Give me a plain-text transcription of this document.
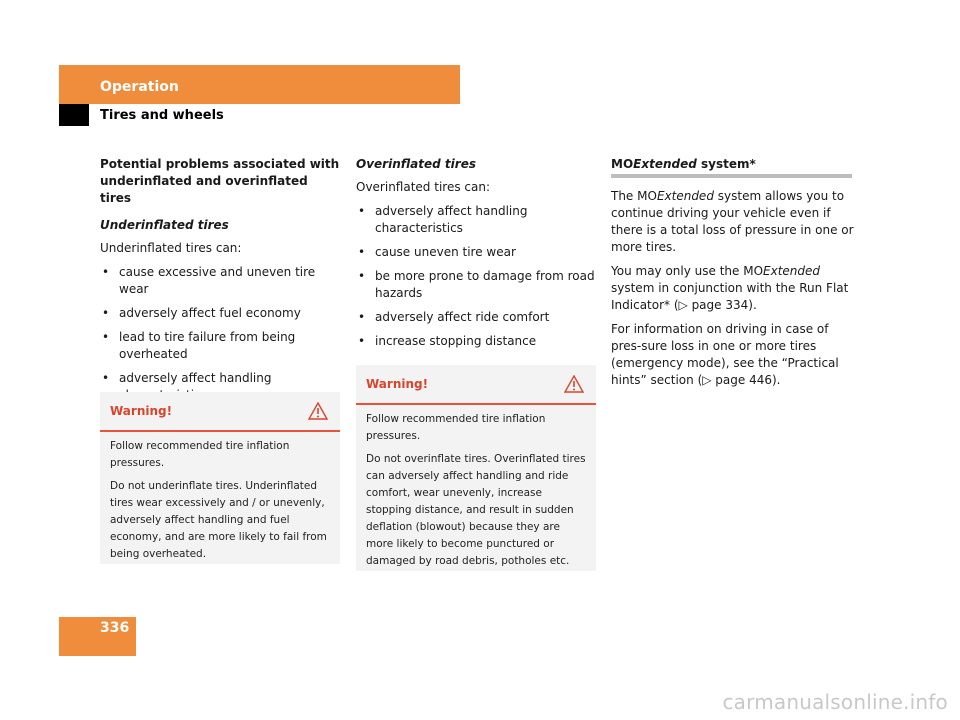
Operation
Tires and wheels
Potential problems associated with underinflated and overinflated tires
Underinflated tires

Underinflated tires can:

• cause excessive and uneven tire wear
• adversely affect fuel economy
• lead to tire failure from being overheated
• adversely affect handling
Warning!

Follow recommended tire inflation pressures.

Do not underinflate tires. Underinflated tires wear excessively and / or unevenly, adversely affect handling and fuel economy, and are more likely to fail from being overheated.

Overinflated tires

Overinflated tires can:

• adversely affect handling characteristics
• cause uneven tire wear
• be more prone to damage from road hazards
• adversely affect ride comfort
• increase stopping distance
Warning!

Follow recommended tire inflation pressures.

Do not overinflate tires. Overinflated tires can adversely affect handling and ride comfort, wear unevenly, increase stopping distance, and result in sudden deflation (blowout) because they are more likely to become punctured or damaged by road debris, potholes etc.

MOExtended system*

The MOExtended system allows you to continue driving your vehicle even if there is a total loss of pressure in one or more tires.

You may only use the MOExtended system in conjunction with the Run Flat Indicator* (▷ page 334).

For information on driving in case of pres-sure loss in one or more tires (emergency mode), see the “Practical hints” section (▷ page 446).

336
carmanualsonline.info
